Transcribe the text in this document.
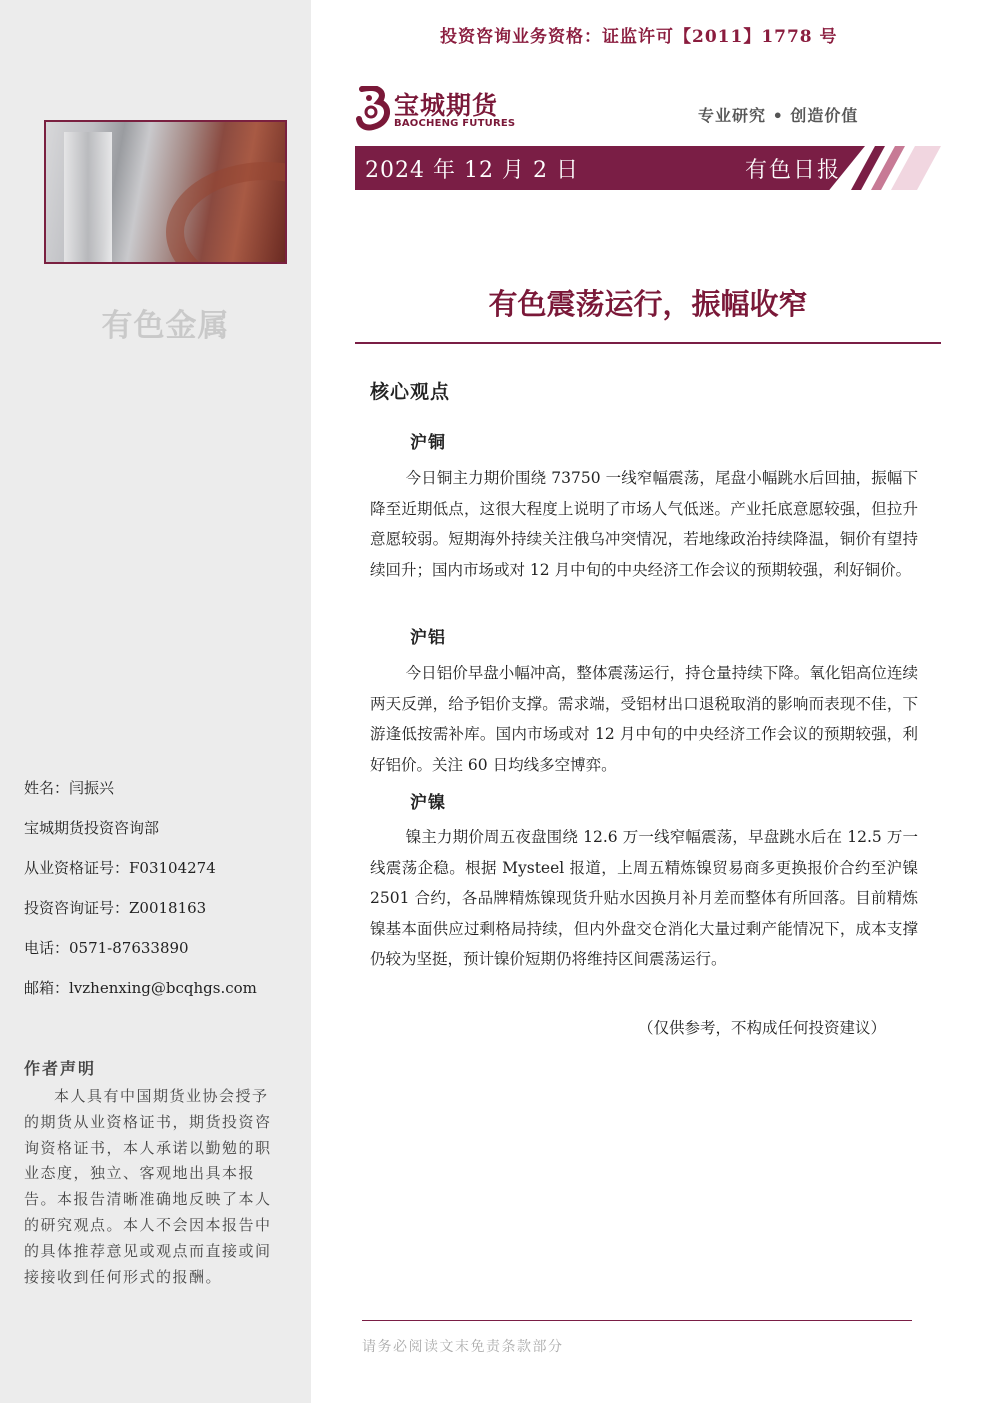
有色金属
姓名：闫振兴
宝城期货投资咨询部
从业资格证号：F03104274
投资咨询证号：Z0018163
电话：0571-87633890
邮箱：lvzhenxing@bcqhgs.com
作者声明
本人具有中国期货业协会授予的期货从业资格证书，期货投资咨询资格证书，本人承诺以勤勉的职业态度，独立、客观地出具本报告。本报告清晰准确地反映了本人的研究观点。本人不会因本报告中的具体推荐意见或观点而直接或间接接收到任何形式的报酬。
投资咨询业务资格：证监许可【2011】1778 号
宝城期货
BAOCHENG FUTURES	专业研究 • 创造价值
2024 年 12 月 2 日	有色日报
有色震荡运行，振幅收窄
核心观点
沪铜
今日铜主力期价围绕 73750 一线窄幅震荡，尾盘小幅跳水后回抽，振幅下降至近期低点，这很大程度上说明了市场人气低迷。产业托底意愿较强，但拉升意愿较弱。短期海外持续关注俄乌冲突情况，若地缘政治持续降温，铜价有望持续回升；国内市场或对 12 月中旬的中央经济工作会议的预期较强，利好铜价。
沪铝
今日铝价早盘小幅冲高，整体震荡运行，持仓量持续下降。氧化铝高位连续两天反弹，给予铝价支撑。需求端，受铝材出口退税取消的影响而表现不佳，下游逢低按需补库。国内市场或对 12 月中旬的中央经济工作会议的预期较强，利好铝价。关注 60 日均线多空博弈。
沪镍
镍主力期价周五夜盘围绕 12.6 万一线窄幅震荡，早盘跳水后在 12.5 万一线震荡企稳。根据 Mysteel 报道，上周五精炼镍贸易商多更换报价合约至沪镍 2501 合约，各品牌精炼镍现货升贴水因换月补月差而整体有所回落。目前精炼镍基本面供应过剩格局持续，但内外盘交仓消化大量过剩产能情况下，成本支撑仍较为坚挺，预计镍价短期仍将维持区间震荡运行。
（仅供参考，不构成任何投资建议）
请务必阅读文末免责条款部分
